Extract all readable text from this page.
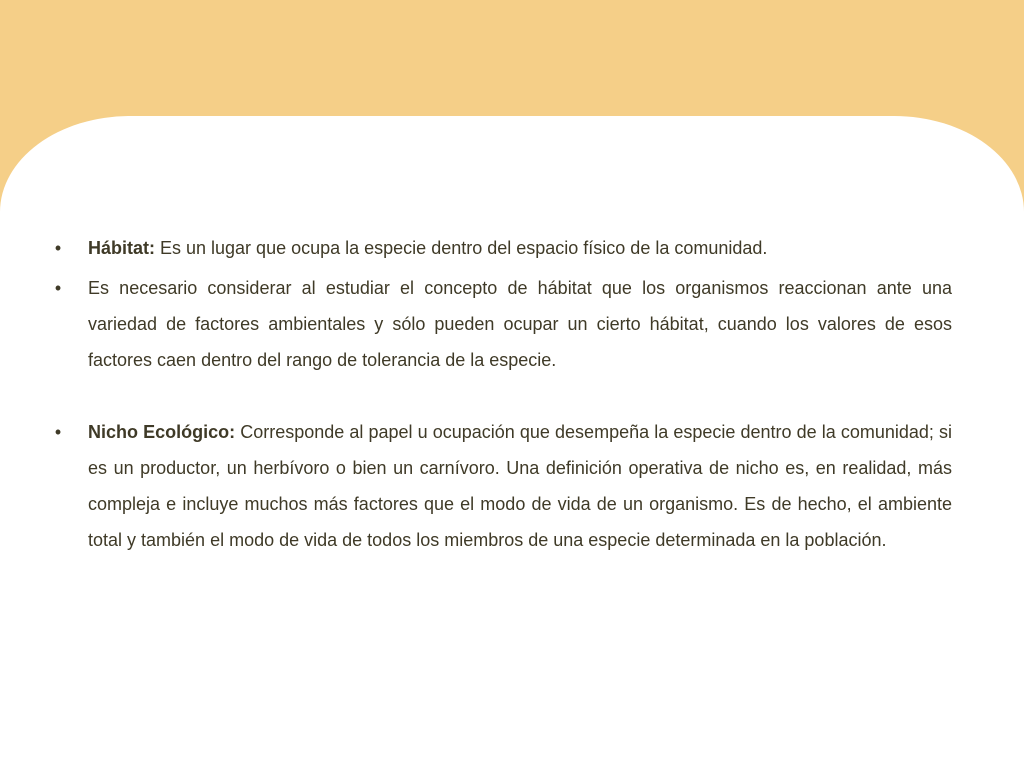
• Hábitat: Es un lugar que ocupa la especie dentro del espacio físico de la comunidad.
• Es necesario considerar al estudiar el concepto de hábitat que los organismos reaccionan ante una variedad de factores ambientales y sólo pueden ocupar un cierto hábitat, cuando los valores de esos factores caen dentro del rango de tolerancia de la especie.
• Nicho Ecológico: Corresponde al papel u ocupación que desempeña la especie dentro de la comunidad; si es un productor, un herbívoro o bien un carnívoro. Una definición operativa de nicho es, en realidad, más compleja e incluye muchos más factores que el modo de vida de un organismo. Es de hecho, el ambiente total y también el modo de vida de todos los miembros de una especie determinada en la población.
